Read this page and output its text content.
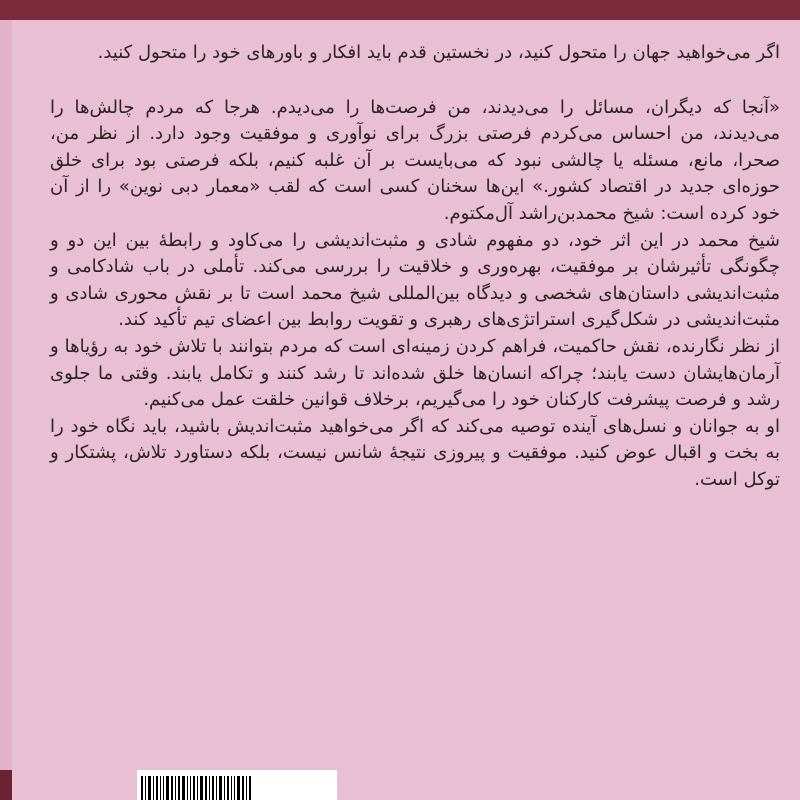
اگر می‌خواهید جهان را متحول کنید، در نخستین قدم باید افکار و باورهای خود را متحول کنید.

«آنجا که دیگران، مسائل را می‌دیدند، من فرصت‌ها را می‌دیدم. هرجا که مردم چالش‌ها را می‌دیدند، من احساس می‌کردم فرصتی بزرگ برای نوآوری و موفقیت وجود دارد. از نظر من، صحرا، مانع، مسئله یا چالشی نبود که می‌بایست بر آن غلبه کنیم، بلکه فرصتی بود برای خلق حوزه‌ای جدید در اقتصاد کشور.» این‌ها سخنان کسی است که لقب «معمار دبی نوین» را از آن خود کرده است: شیخ محمدبن‌راشد آل‌مکتوم.

شیخ محمد در این اثر خود، دو مفهوم شادی و مثبت‌اندیشی را می‌کاود و رابطهٔ بین این دو و چگونگی تأثیرشان بر موفقیت، بهره‌وری و خلاقیت را بررسی می‌کند. تأملی در باب شادکامی و مثبت‌اندیشی داستان‌های شخصی و دیدگاه بین‌المللی شیخ محمد است تا بر نقش محوری شادی و مثبت‌اندیشی در شکل‌گیری استراتژی‌های رهبری و تقویت روابط بین اعضای تیم تأکید کند.

از نظر نگارنده، نقش حاکمیت، فراهم کردن زمینه‌ای است که مردم بتوانند با تلاش خود به رؤیاها و آرمان‌هایشان دست یابند؛ چراکه انسان‌ها خلق شده‌اند تا رشد کنند و تکامل یابند. وقتی ما جلوی رشد و فرصت پیشرفت کارکنان خود را می‌گیریم، برخلاف قوانین خلقت عمل می‌کنیم.

او به جوانان و نسل‌های آینده توصیه می‌کند که اگر می‌خواهید مثبت‌اندیش باشید، باید نگاه خود را به بخت و اقبال عوض کنید. موفقیت و پیروزی نتیجهٔ شانس نیست، بلکه دستاورد تلاش، پشتکار و توکل است.
